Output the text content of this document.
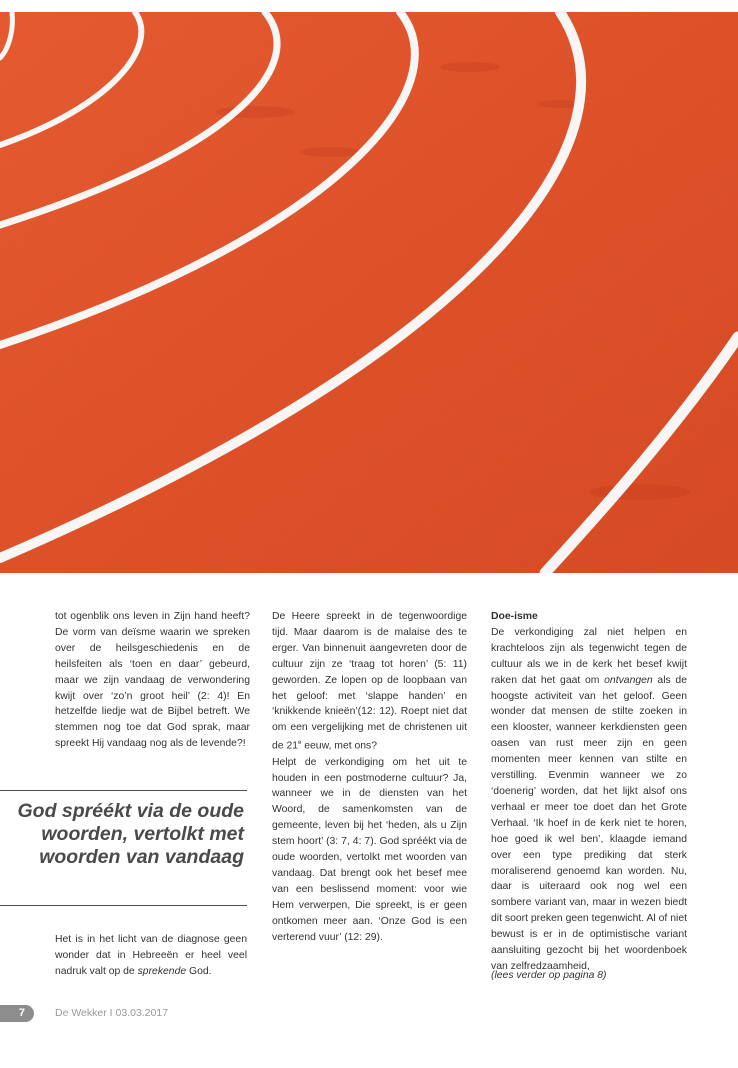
tot ogenblik ons leven in Zijn hand heeft? De vorm van deïsme waarin we spreken over de heilsgeschiedenis en de heilsfeiten als ‘toen en daar’ gebeurd, maar we zijn vandaag de verwondering kwijt over ‘zo’n groot heil’ (2: 4)! En hetzelfde liedje wat de Bijbel betreft. We stemmen nog toe dat God sprak, maar spreekt Hij vandaag nog als de levende?!

God spréékt via de oude woorden, vertolkt met woorden van vandaag

Het is in het licht van de diagnose geen wonder dat in Hebreeën er heel veel nadruk valt op de sprekende God.

De Heere spreekt in de tegenwoordige tijd. Maar daarom is de malaise des te erger. Van binnenuit aangevreten door de cultuur zijn ze ‘traag tot horen’ (5: 11) geworden. Ze lopen op de loopbaan van het geloof: met ‘slappe handen’ en ‘knikkende knieën’(12: 12). Roept niet dat om een vergelijking met de christenen uit de 21e eeuw, met ons?

Helpt de verkondiging om het uit te houden in een postmoderne cultuur? Ja, wanneer we in de diensten van het Woord, de samenkomsten van de gemeente, leven bij het ‘heden, als u Zijn stem hoort’ (3: 7, 4: 7). God spréékt via de oude woorden, vertolkt met woorden van vandaag. Dat brengt ook het besef mee van een beslissend moment: voor wie Hem verwerpen, Die spreekt, is er geen ontkomen meer aan. ‘Onze God is een verterend vuur’ (12: 29).

Doe-isme

De verkondiging zal niet helpen en krachteloos zijn als tegenwicht tegen de cultuur als we in de kerk het besef kwijt raken dat het gaat om ontvangen als de hoogste activiteit van het geloof. Geen wonder dat mensen de stilte zoeken in een klooster, wanneer kerkdiensten geen oasen van rust meer zijn en geen momenten meer kennen van stilte en verstilling. Evenmin wanneer we zo ‘doenerig’ worden, dat het lijkt alsof ons verhaal er meer toe doet dan het Grote Verhaal. ‘Ik hoef in de kerk niet te horen, hoe goed ik wel ben’, klaagde iemand over een type prediking dat sterk moraliserend genoemd kan worden. Nu, daar is uiteraard ook nog wel een sombere variant van, maar in wezen biedt dit soort preken geen tegenwicht. Al of niet bewust is er in de optimistische variant aansluiting gezocht bij het woordenboek van zelfredzaamheid,

(lees verder op pagina 8)
7	De Wekker I 03.03.2017
